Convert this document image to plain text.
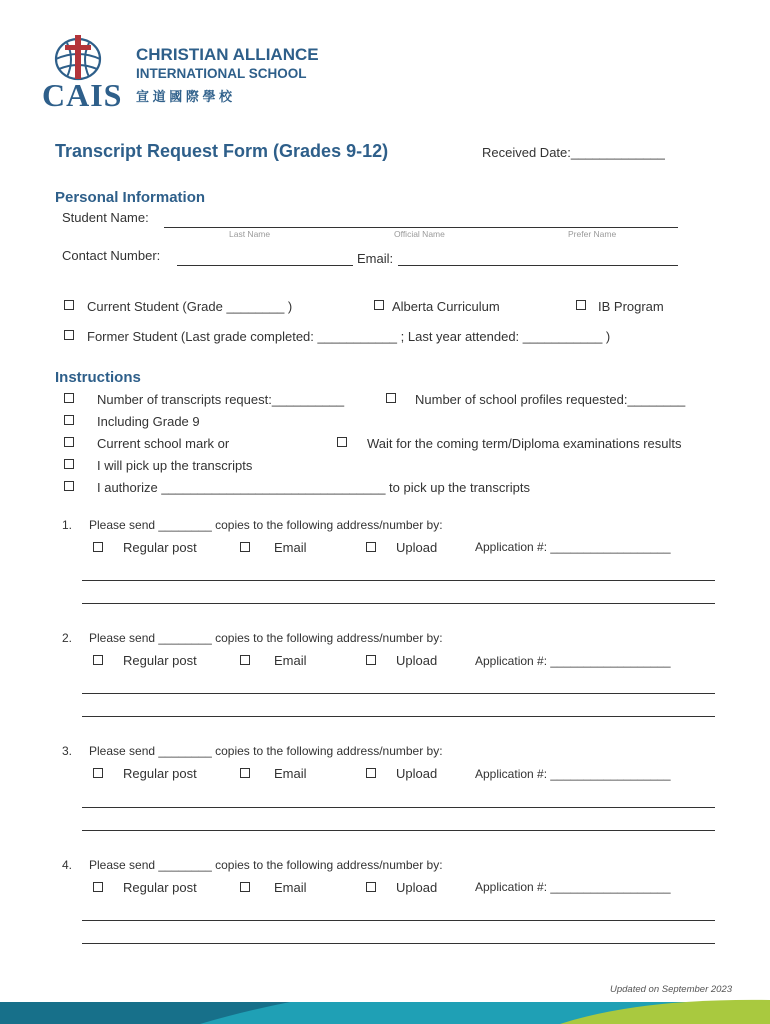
CAIS
CHRISTIAN ALLIANCE
INTERNATIONAL SCHOOL
宣 道 國 際 學 校
Transcript Request Form (Grades 9-12)	Received Date:_____________
Personal Information
Student Name:
Last Name	Official Name	Prefer Name
Contact Number:	Email:
Current Student (Grade ________ )	Alberta Curriculum	IB Program
Former Student (Last grade completed: ___________ ; Last year attended: ___________ )
Instructions
Number of transcripts request:__________	Number of school profiles requested:________
Including Grade 9
Current school mark or	Wait for the coming term/Diploma examinations results
I will pick up the transcripts
I authorize _______________________________ to pick up the transcripts
1. Please send ________ copies to the following address/number by:
Regular post	Email	Upload	Application #: __________________
2. Please send ________ copies to the following address/number by:
Regular post	Email	Upload	Application #: __________________
3. Please send ________ copies to the following address/number by:
Regular post	Email	Upload	Application #: __________________
4. Please send ________ copies to the following address/number by:
Regular post	Email	Upload	Application #: __________________
Updated on September 2023
